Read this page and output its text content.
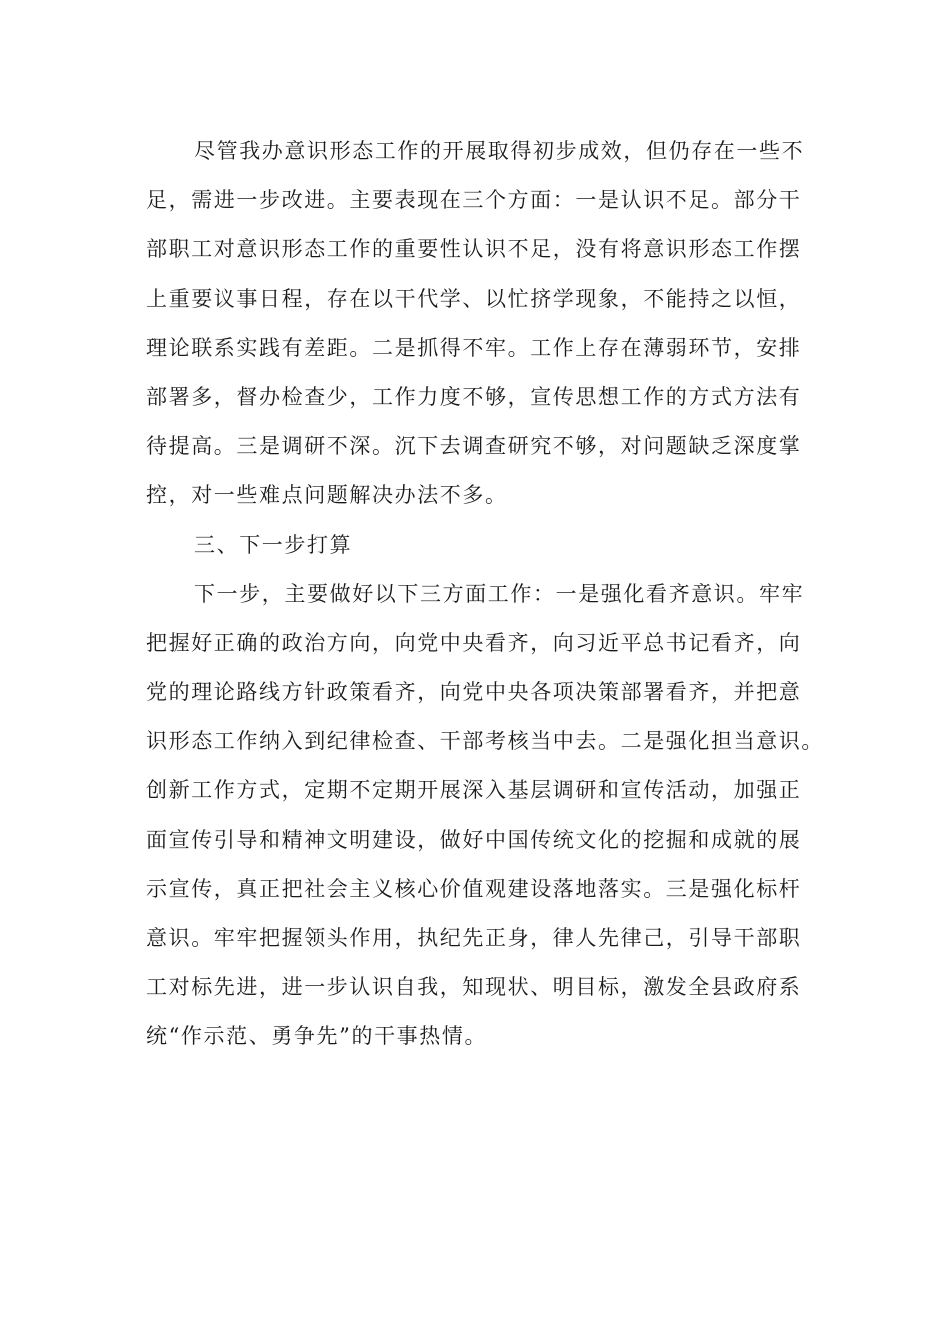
尽管我办意识形态工作的开展取得初步成效，但仍存在一些不
足，需进一步改进。主要表现在三个方面：一是认识不足。部分干
部职工对意识形态工作的重要性认识不足，没有将意识形态工作摆
上重要议事日程，存在以干代学、以忙挤学现象，不能持之以恒，
理论联系实践有差距。二是抓得不牢。工作上存在薄弱环节，安排
部署多，督办检查少，工作力度不够，宣传思想工作的方式方法有
待提高。三是调研不深。沉下去调查研究不够，对问题缺乏深度掌
控，对一些难点问题解决办法不多。
三、下一步打算
下一步，主要做好以下三方面工作：一是强化看齐意识。牢牢
把握好正确的政治方向，向党中央看齐，向习近平总书记看齐，向
党的理论路线方针政策看齐，向党中央各项决策部署看齐，并把意
识形态工作纳入到纪律检查、干部考核当中去。二是强化担当意识。
创新工作方式，定期不定期开展深入基层调研和宣传活动，加强正
面宣传引导和精神文明建设，做好中国传统文化的挖掘和成就的展
示宣传，真正把社会主义核心价值观建设落地落实。三是强化标杆
意识。牢牢把握领头作用，执纪先正身，律人先律己，引导干部职
工对标先进，进一步认识自我，知现状、明目标，激发全县政府系
统“作示范、勇争先”的干事热情。
